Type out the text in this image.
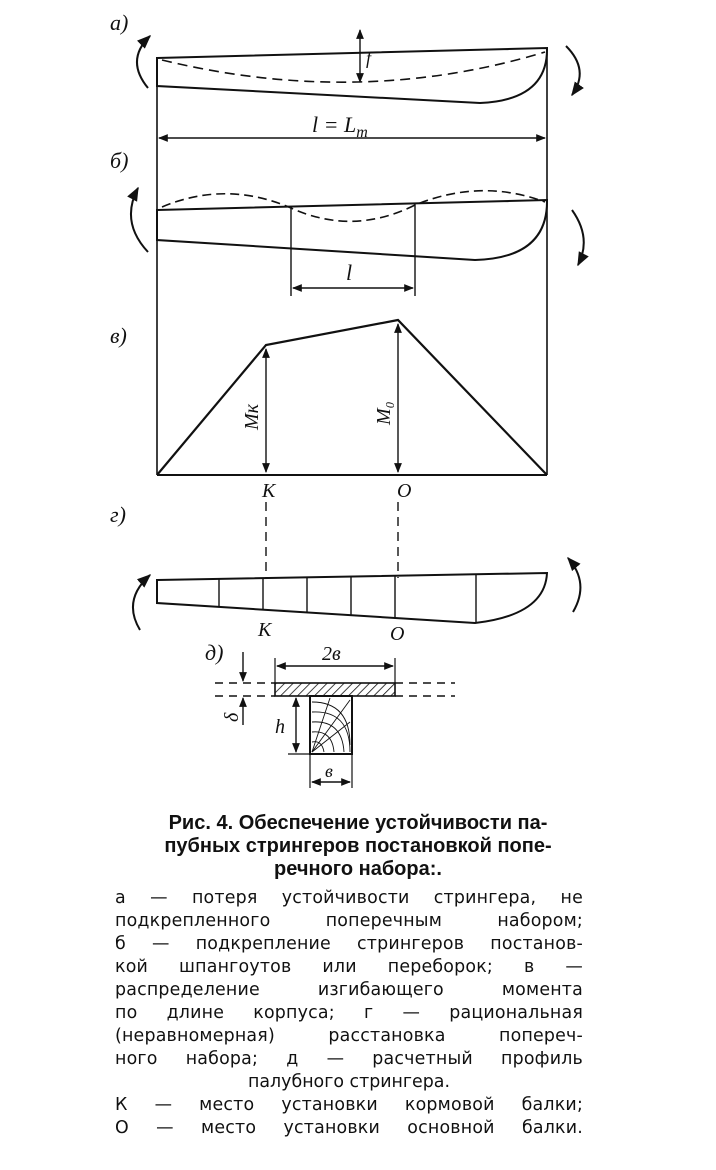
а)
f
$l = L_m$
б)
l
в)
Mк	M₀
К	О
г)
К	О
д)	2в
δ h
в
Рис. 4. Обеспечение устойчивости па-
пубных стрингеров постановкой попе-
речного набора:.
а — потеря устойчивости стрингера, не
подкрепленного поперечным набором;
б — подкрепление стрингеров постанов-
кой шпангоутов или переборок; в —
распределение изгибающего момента
по длине корпуса; г — рациональная
(неравномерная) расстановка попереч-
ного набора; д — расчетный профиль
палубного стрингера.
К — место установки кормовой балки;
О — место установки основной балки.
